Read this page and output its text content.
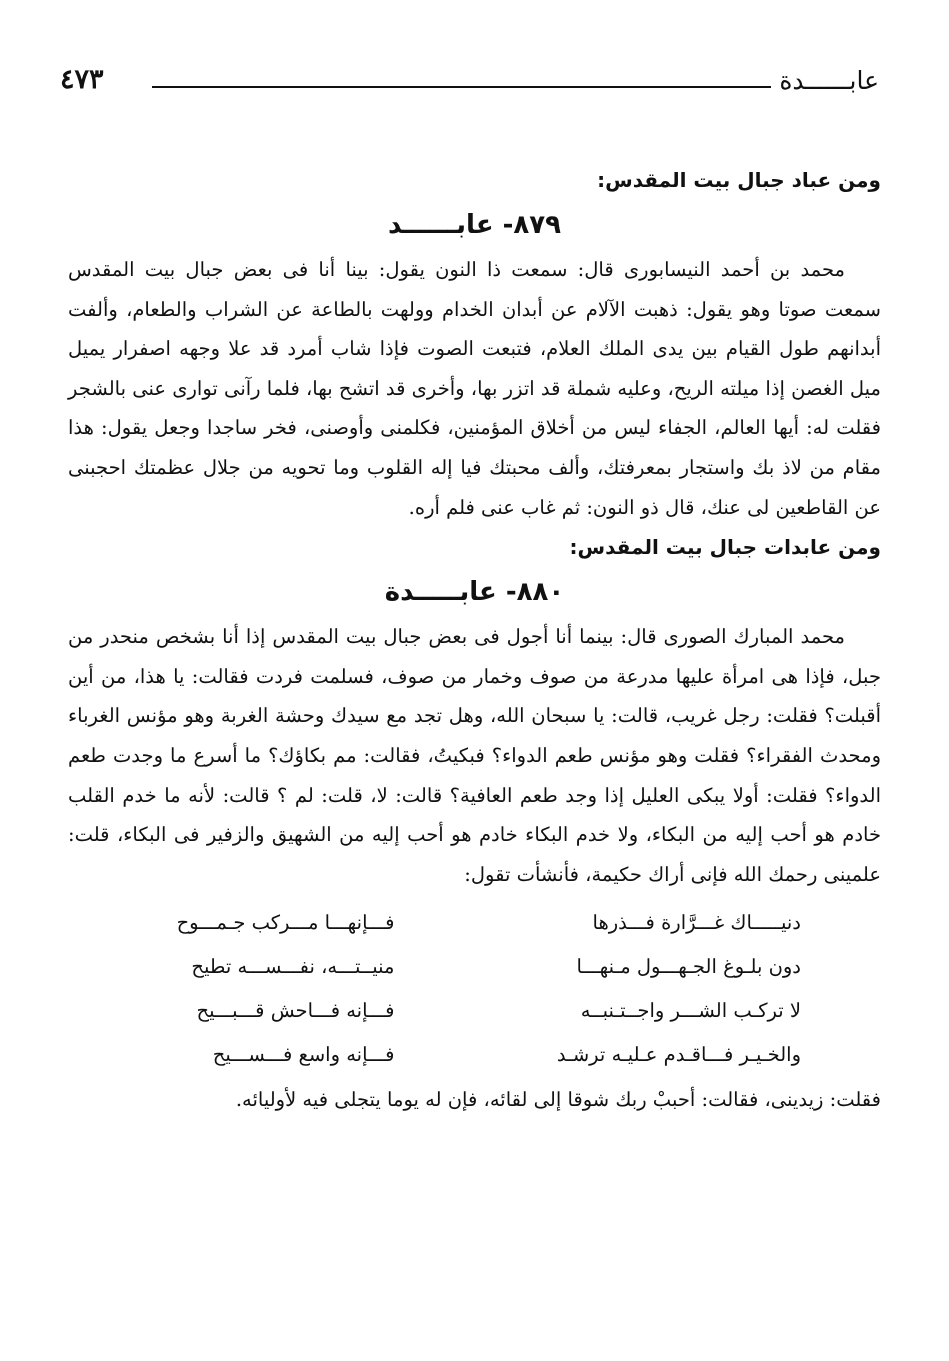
عابــــــدة
٤٧٣
ومن عباد جبال بيت المقدس:
٨٧٩- عابــــــد

محمد بن أحمد النيسابورى قال: سمعت ذا النون يقول: بينا أنا فى بعض جبال بيت المقدس سمعت صوتا وهو يقول: ذهبت الآلام عن أبدان الخدام وولهت بالطاعة عن الشراب والطعام، وألفت أبدانهم طول القيام بين يدى الملك العلام، فتبعت الصوت فإذا شاب أمرد قد علا وجهه اصفرار يميل ميل الغصن إذا ميلته الريح، وعليه شملة قد اتزر بها، وأخرى قد اتشح بها، فلما رآنى توارى عنى بالشجر فقلت له: أيها العالم، الجفاء ليس من أخلاق المؤمنين، فكلمنى وأوصنى، فخر ساجدا وجعل يقول: هذا مقام من لاذ بك واستجار بمعرفتك، وألف محبتك فيا إله القلوب وما تحويه من جلال عظمتك احجبنى عن القاطعين لى عنك، قال ذو النون: ثم غاب عنى فلم أره.

ومن عابدات جبال بيت المقدس:
٨٨٠- عابـــــدة

محمد المبارك الصورى قال: بينما أنا أجول فى بعض جبال بيت المقدس إذا أنا بشخص منحدر من جبل، فإذا هى امرأة عليها مدرعة من صوف وخمار من صوف، فسلمت فردت فقالت: يا هذا، من أين أقبلت؟ فقلت: رجل غريب، قالت: يا سبحان الله، وهل تجد مع سيدك وحشة الغربة وهو مؤنس الغرباء ومحدث الفقراء؟ فقلت وهو مؤنس طعم الدواء؟ فبكيتُ، فقالت: مم بكاؤك؟ ما أسرع ما وجدت طعم الدواء؟ فقلت: أولا يبكى العليل إذا وجد طعم العافية؟ قالت: لا، قلت: لم ؟ قالت: لأنه ما خدم القلب خادم هو أحب إليه من البكاء، ولا خدم البكاء خادم هو أحب إليه من الشهيق والزفير فى البكاء، قلت: علمينى رحمك الله فإنى أراك حكيمة، فأنشأت تقول:

دنيـــــاك غـــرَّارة فـــذرها	فـــإنهـــا مـــركب جـمـــوح
دون بلـوغ الجـهـــول مـنهـــا	منيــتـــه، نفـــســـه تطيح
لا تركـب الشـــر واجــتـنبــه	فـــإنه فـــاحش قـــبـــيح
والخـيـر فـــاقـدم عـليـه ترشـد	فـــإنه واسع فـــســـيح

فقلت: زيدينى، فقالت: أحببْ ربك شوقا إلى لقائه، فإن له يوما يتجلى فيه لأوليائه.
